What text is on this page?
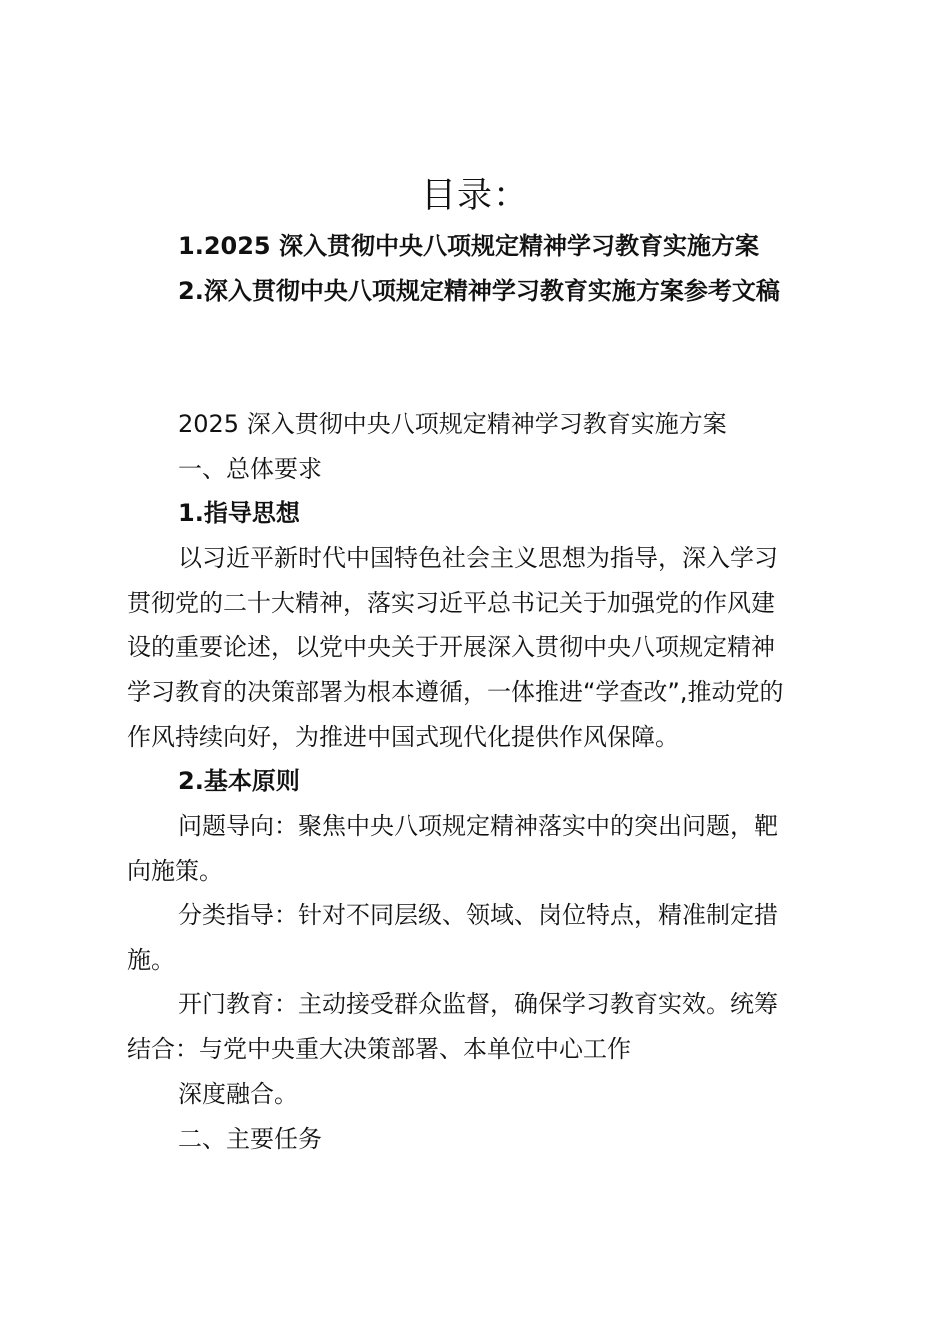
目录：
1.2025 深入贯彻中央八项规定精神学习教育实施方案
2.深入贯彻中央八项规定精神学习教育实施方案参考文稿
2025 深入贯彻中央八项规定精神学习教育实施方案
一、总体要求
1.指导思想
以习近平新时代中国特色社会主义思想为指导，深入学习
贯彻党的二十大精神，落实习近平总书记关于加强党的作风建
设的重要论述，以党中央关于开展深入贯彻中央八项规定精神
学习教育的决策部署为根本遵循，一体推进“学查改”,推动党的
作风持续向好，为推进中国式现代化提供作风保障。
2.基本原则
问题导向：聚焦中央八项规定精神落实中的突出问题，靶
向施策。
分类指导：针对不同层级、领域、岗位特点，精准制定措
施。
开门教育：主动接受群众监督，确保学习教育实效。统筹
结合：与党中央重大决策部署、本单位中心工作
深度融合。
二、主要任务
